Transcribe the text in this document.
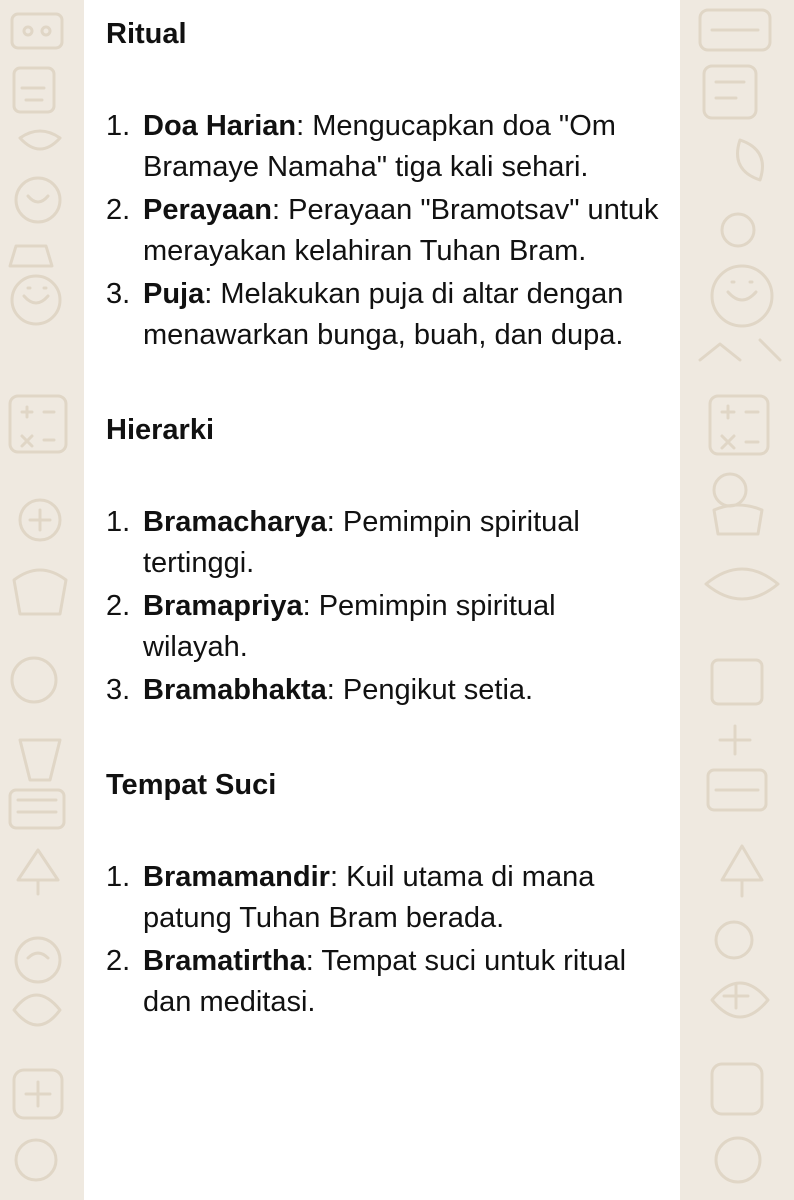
Ritual
1. Doa Harian: Mengucapkan doa "Om Bramaye Namaha" tiga kali sehari.
2. Perayaan: Perayaan "Bramotsav" untuk merayakan kelahiran Tuhan Bram.
3. Puja: Melakukan puja di altar dengan menawarkan bunga, buah, dan dupa.
Hierarki
1. Bramacharya: Pemimpin spiritual tertinggi.
2. Bramapriya: Pemimpin spiritual wilayah.
3. Bramabhakta: Pengikut setia.
Tempat Suci
1. Bramamandir: Kuil utama di mana patung Tuhan Bram berada.
2. Bramatirtha: Tempat suci untuk ritual dan meditasi.
